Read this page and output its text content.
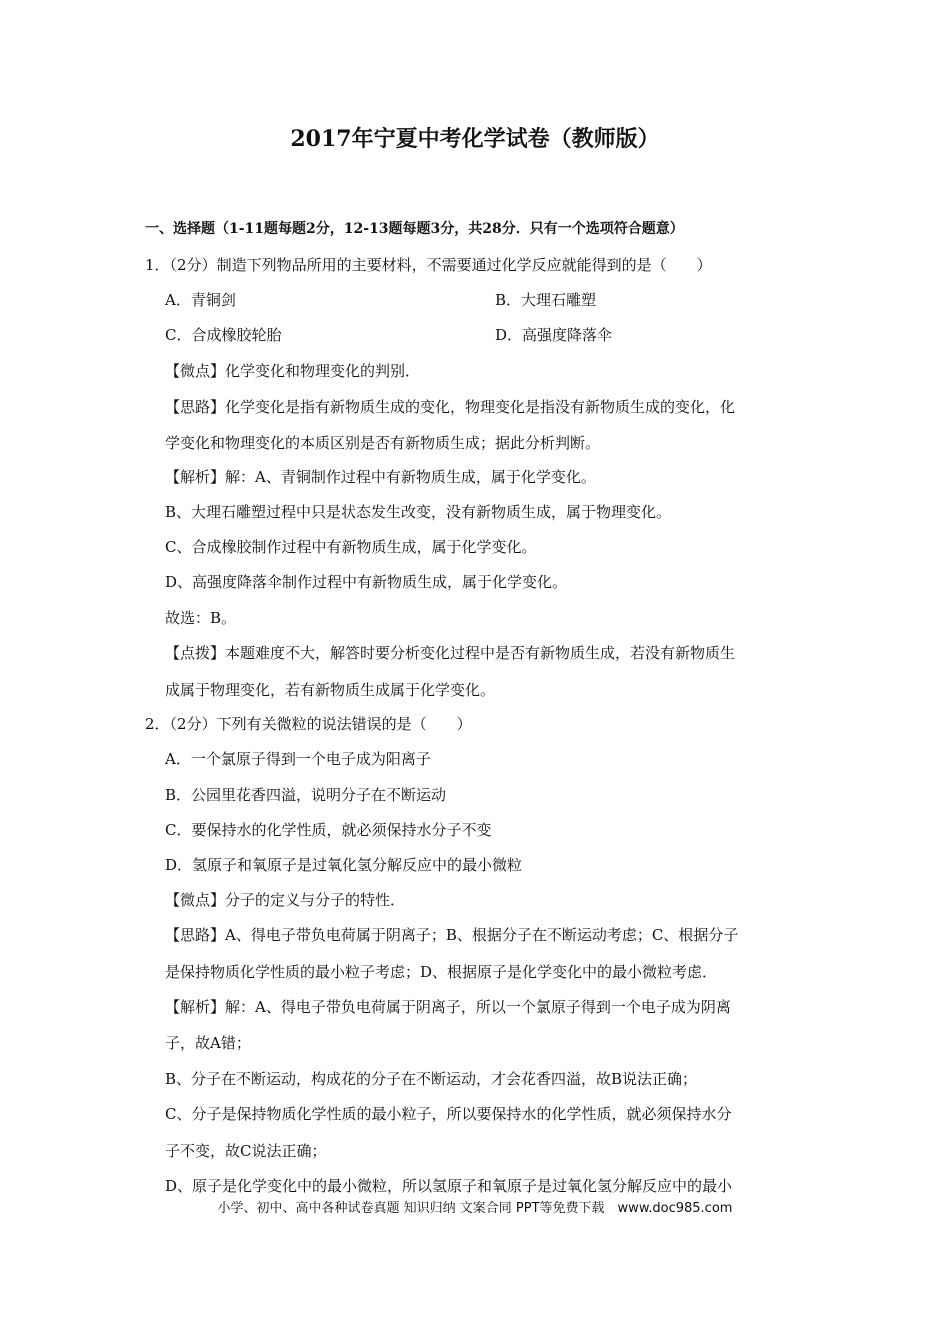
2017年宁夏中考化学试卷（教师版）
一、选择题（1-11题每题2分，12-13题每题3分，共28分．只有一个选项符合题意）
1．（2分）制造下列物品所用的主要材料，不需要通过化学反应就能得到的是（　　）
A．青铜剑	B．大理石雕塑
C．合成橡胶轮胎	D．高强度降落伞
【微点】化学变化和物理变化的判别．
【思路】化学变化是指有新物质生成的变化，物理变化是指没有新物质生成的变化，化
学变化和物理变化的本质区别是否有新物质生成；据此分析判断。
【解析】解：A、青铜制作过程中有新物质生成，属于化学变化。
B、大理石雕塑过程中只是状态发生改变，没有新物质生成，属于物理变化。
C、合成橡胶制作过程中有新物质生成，属于化学变化。
D、高强度降落伞制作过程中有新物质生成，属于化学变化。
故选：B。
【点拨】本题难度不大，解答时要分析变化过程中是否有新物质生成，若没有新物质生
成属于物理变化，若有新物质生成属于化学变化。
2．（2分）下列有关微粒的说法错误的是（　　）
A．一个氯原子得到一个电子成为阳离子
B．公园里花香四溢，说明分子在不断运动
C．要保持水的化学性质，就必须保持水分子不变
D．氢原子和氧原子是过氧化氢分解反应中的最小微粒
【微点】分子的定义与分子的特性．
【思路】A、得电子带负电荷属于阴离子；B、根据分子在不断运动考虑；C、根据分子
是保持物质化学性质的最小粒子考虑；D、根据原子是化学变化中的最小微粒考虑．
【解析】解：A、得电子带负电荷属于阴离子，所以一个氯原子得到一个电子成为阴离
子，故A错；
B、分子在不断运动，构成花的分子在不断运动，才会花香四溢，故B说法正确；
C、分子是保持物质化学性质的最小粒子，所以要保持水的化学性质，就必须保持水分
子不变，故C说法正确；
D、原子是化学变化中的最小微粒，所以氢原子和氧原子是过氧化氢分解反应中的最小
小学、初中、高中各种试卷真题 知识归纳 文案合同 PPT等免费下载　www.doc985.com
